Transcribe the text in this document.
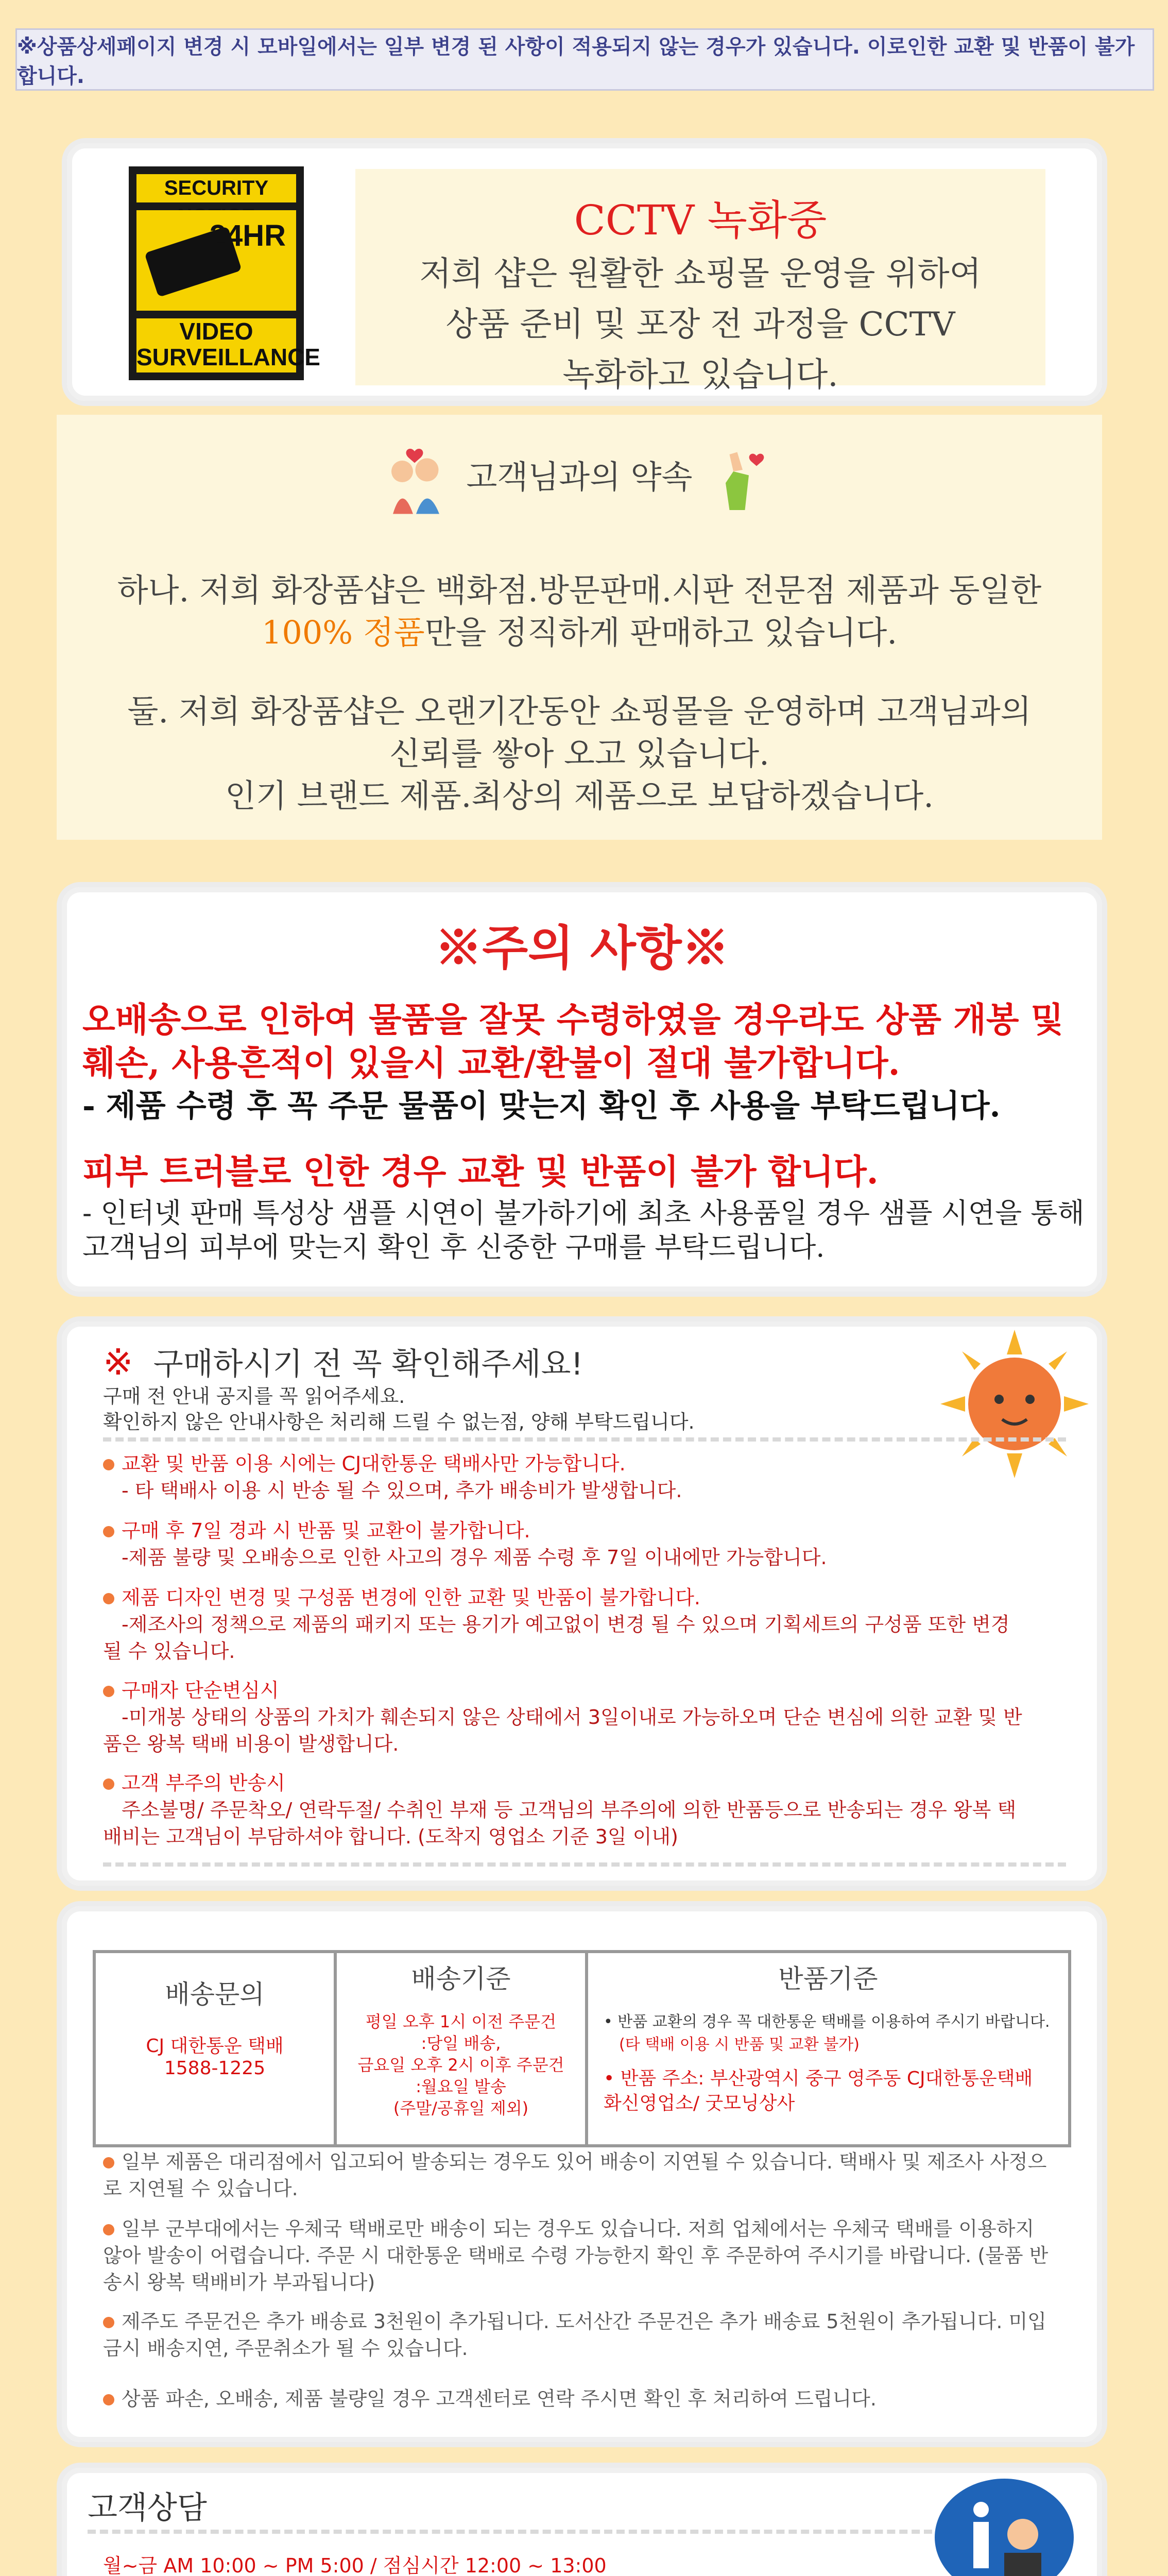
※상품상세페이지 변경 시 모바일에서는 일부 변경 된 사항이 적용되지 않는 경우가 있습니다. 이로인한 교환 및 반품이 불가합니다.
SECURITY
24HR
VIDEO SURVEILLANCE
CCTV 녹화중
저희 샵은 원활한 쇼핑몰 운영을 위하여
상품 준비 및 포장 전 과정을 CCTV
녹화하고 있습니다.
고객님과의 약속
하나. 저희 화장품샵은 백화점.방문판매.시판 전문점 제품과 동일한
100% 정품만을 정직하게 판매하고 있습니다.
둘. 저희 화장품샵은 오랜기간동안 쇼핑몰을 운영하며 고객님과의
신뢰를 쌓아 오고 있습니다.
인기 브랜드 제품.최상의 제품으로 보답하겠습니다.
※주의 사항※
오배송으로 인하여 물품을 잘못 수령하였을 경우라도 상품 개봉 및 훼손, 사용흔적이 있을시 교환/환불이 절대 불가합니다.
- 제품 수령 후 꼭 주문 물품이 맞는지 확인 후 사용을 부탁드립니다.
피부 트러블로 인한 경우 교환 및 반품이 불가 합니다.
- 인터넷 판매 특성상 샘플 시연이 불가하기에 최초 사용품일 경우 샘플 시연을 통해 고객님의 피부에 맞는지 확인 후 신중한 구매를 부탁드립니다.
※ 구매하시기 전 꼭 확인해주세요!
구매 전 안내 공지를 꼭 읽어주세요.
확인하지 않은 안내사항은 처리해 드릴 수 없는점, 양해 부탁드립니다.
교환 및 반품 이용 시에는 CJ대한통운 택배사만 가능합니다.
- 타 택배사 이용 시 반송 될 수 있으며, 추가 배송비가 발생합니다.
구매 후 7일 경과 시 반품 및 교환이 불가합니다.
-제품 불량 및 오배송으로 인한 사고의 경우 제품 수령 후 7일 이내에만 가능합니다.
제품 디자인 변경 및 구성품 변경에 인한 교환 및 반품이 불가합니다.
-제조사의 정책으로 제품의 패키지 또는 용기가 예고없이 변경 될 수 있으며 기획세트의 구성품 또한 변경 될 수 있습니다.
구매자 단순변심시
-미개봉 상태의 상품의 가치가 훼손되지 않은 상태에서 3일이내로 가능하오며 단순 변심에 의한 교환 및 반품은 왕복 택배 비용이 발생합니다.
고객 부주의 반송시
주소불명/ 주문착오/ 연락두절/ 수취인 부재 등 고객님의 부주의에 의한 반품등으로 반송되는 경우 왕복 택배비는 고객님이 부담하셔야 합니다. (도착지 영업소 기준 3일 이내)
배송문의
CJ 대한통운 택배
1588-1225

배송기준
평일 오후 1시 이전 주문건
:당일 배송,
금요일 오후 2시 이후 주문건
:월요일 발송
(주말/공휴일 제외)

반품기준
• 반품 교환의 경우 꼭 대한통운 택배를 이용하여 주시기 바랍니다.
(타 택배 이용 시 반품 및 교환 불가)
• 반품 주소: 부산광역시 중구 영주동 CJ대한통운택배 화신영업소/ 굿모닝상사
일부 제품은 대리점에서 입고되어 발송되는 경우도 있어 배송이 지연될 수 있습니다. 택배사 및 제조사 사정으로 지연될 수 있습니다.
일부 군부대에서는 우체국 택배로만 배송이 되는 경우도 있습니다. 저희 업체에서는 우체국 택배를 이용하지 않아 발송이 어렵습니다. 주문 시 대한통운 택배로 수령 가능한지 확인 후 주문하여 주시기를 바랍니다. (물품 반송시 왕복 택배비가 부과됩니다)
제주도 주문건은 추가 배송료 3천원이 추가됩니다. 도서산간 주문건은 추가 배송료 5천원이 추가됩니다. 미입금시 배송지연, 주문취소가 될 수 있습니다.
상품 파손, 오배송, 제품 불량일 경우 고객센터로 연락 주시면 확인 후 처리하여 드립니다.
고객상담
월~금 AM 10:00 ~ PM 5:00 / 점심시간 12:00 ~ 13:00
